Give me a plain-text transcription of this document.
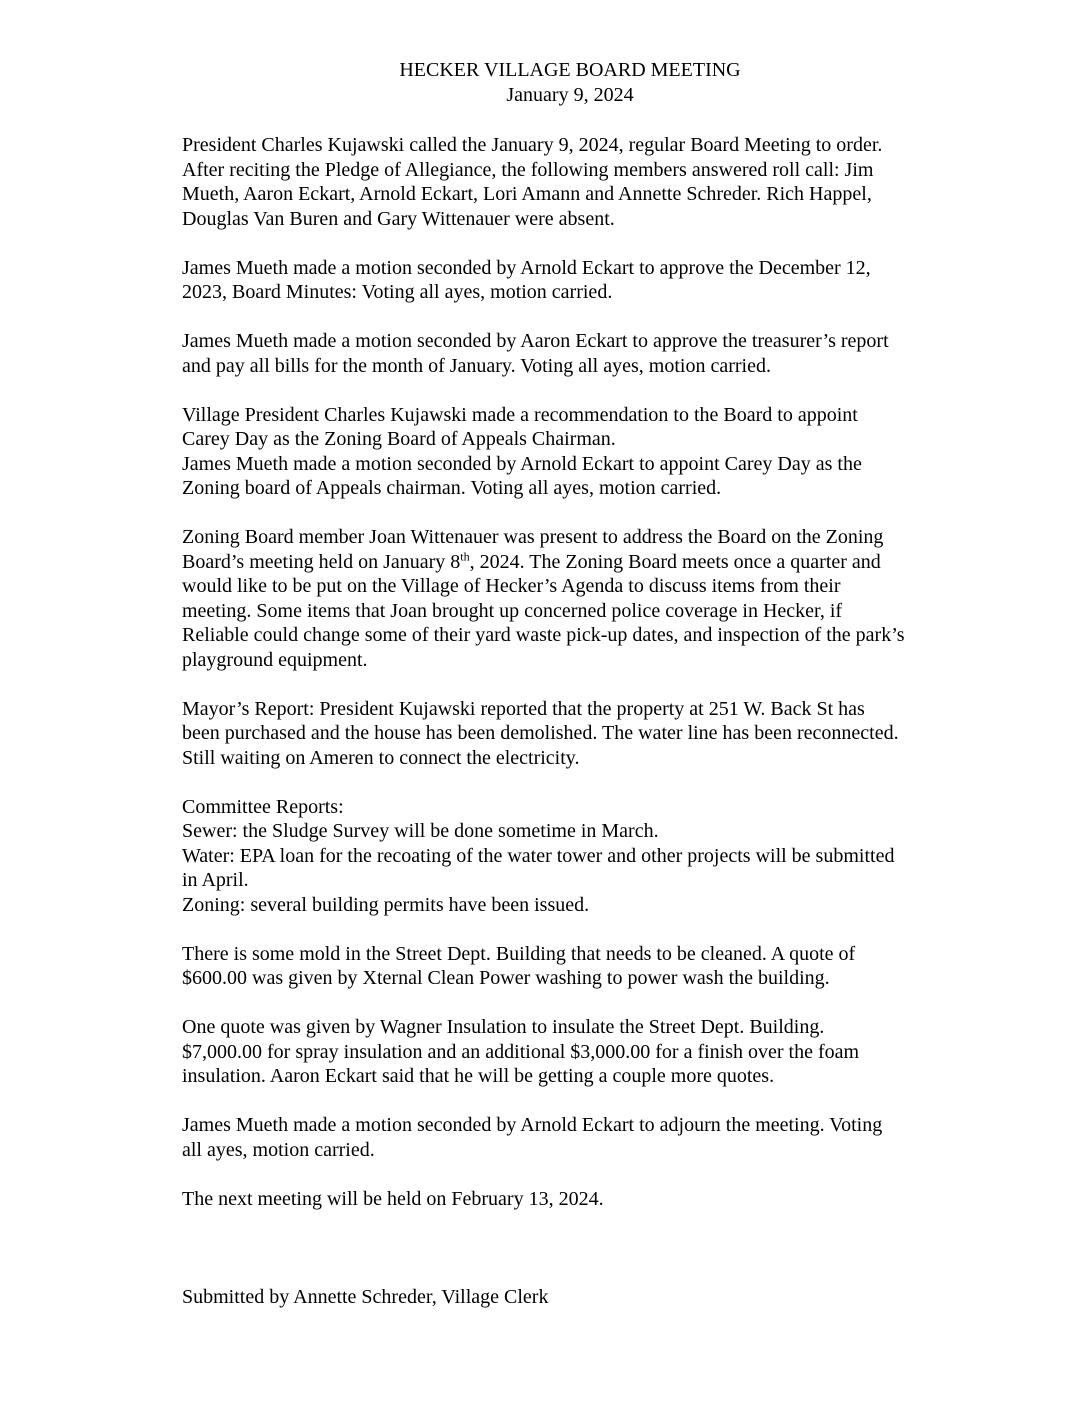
HECKER VILLAGE BOARD MEETING
January 9, 2024

President Charles Kujawski called the January 9, 2024, regular Board Meeting to order.
After reciting the Pledge of Allegiance, the following members answered roll call: Jim
Mueth, Aaron Eckart, Arnold Eckart, Lori Amann and Annette Schreder. Rich Happel,
Douglas Van Buren and Gary Wittenauer were absent.

James Mueth made a motion seconded by Arnold Eckart to approve the December 12,
2023, Board Minutes: Voting all ayes, motion carried.

James Mueth made a motion seconded by Aaron Eckart to approve the treasurer’s report
and pay all bills for the month of January. Voting all ayes, motion carried.

Village President Charles Kujawski made a recommendation to the Board to appoint
Carey Day as the Zoning Board of Appeals Chairman.
James Mueth made a motion seconded by Arnold Eckart to appoint Carey Day as the
Zoning board of Appeals chairman. Voting all ayes, motion carried.

Zoning Board member Joan Wittenauer was present to address the Board on the Zoning
Board’s meeting held on January 8th, 2024. The Zoning Board meets once a quarter and
would like to be put on the Village of Hecker’s Agenda to discuss items from their
meeting. Some items that Joan brought up concerned police coverage in Hecker, if
Reliable could change some of their yard waste pick-up dates, and inspection of the park’s
playground equipment.

Mayor’s Report: President Kujawski reported that the property at 251 W. Back St has
been purchased and the house has been demolished. The water line has been reconnected.
Still waiting on Ameren to connect the electricity.

Committee Reports:
Sewer: the Sludge Survey will be done sometime in March.
Water: EPA loan for the recoating of the water tower and other projects will be submitted
in April.
Zoning: several building permits have been issued.

There is some mold in the Street Dept. Building that needs to be cleaned. A quote of
$600.00 was given by Xternal Clean Power washing to power wash the building.

One quote was given by Wagner Insulation to insulate the Street Dept. Building.
$7,000.00 for spray insulation and an additional $3,000.00 for a finish over the foam
insulation. Aaron Eckart said that he will be getting a couple more quotes.

James Mueth made a motion seconded by Arnold Eckart to adjourn the meeting. Voting
all ayes, motion carried.

The next meeting will be held on February 13, 2024.

Submitted by Annette Schreder, Village Clerk
